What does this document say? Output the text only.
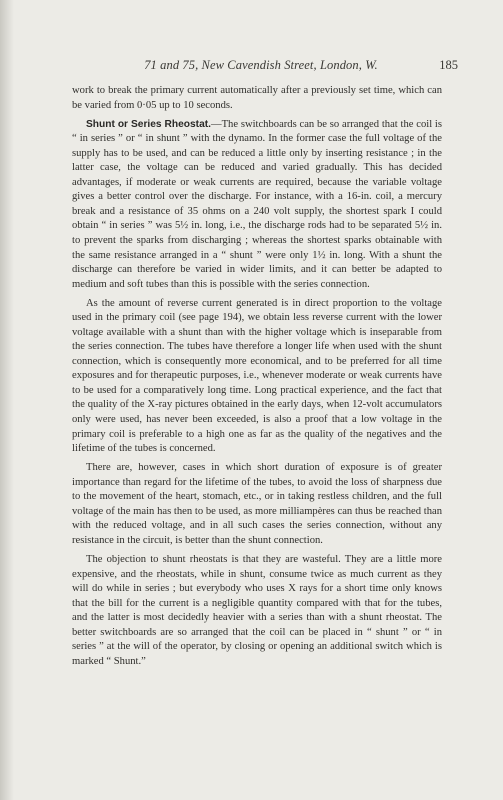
71 and 75, New Cavendish Street, London, W.	185

work to break the primary current automatically after a previously set time, which can be varied from 0·05 up to 10 seconds.

Shunt or Series Rheostat.—The switchboards can be so arranged that the coil is “ in series ” or “ in shunt ” with the dynamo. In the former case the full voltage of the supply has to be used, and can be reduced a little only by inserting resistance ; in the latter case, the voltage can be reduced and varied gradually. This has decided advantages, if moderate or weak currents are required, because the variable voltage gives a better control over the discharge. For instance, with a 16-in. coil, a mercury break and a resistance of 35 ohms on a 240 volt supply, the shortest spark I could obtain “ in series ” was 5½ in. long, i.e., the discharge rods had to be separated 5½ in. to prevent the sparks from discharging ; whereas the shortest sparks obtainable with the same resistance arranged in a “ shunt ” were only 1½ in. long. With a shunt the discharge can therefore be varied in wider limits, and it can better be adapted to medium and soft tubes than this is possible with the series connection.

As the amount of reverse current generated is in direct proportion to the voltage used in the primary coil (see page 194), we obtain less reverse current with the lower voltage available with a shunt than with the higher voltage which is inseparable from the series connection. The tubes have therefore a longer life when used with the shunt connection, which is consequently more economical, and to be preferred for all time exposures and for therapeutic purposes, i.e., whenever moderate or weak currents have to be used for a comparatively long time. Long practical experience, and the fact that the quality of the X-ray pictures obtained in the early days, when 12-volt accumulators only were used, has never been exceeded, is also a proof that a low voltage in the primary coil is preferable to a high one as far as the quality of the negatives and the lifetime of the tubes is concerned.

There are, however, cases in which short duration of exposure is of greater importance than regard for the lifetime of the tubes, to avoid the loss of sharpness due to the movement of the heart, stomach, etc., or in taking restless children, and the full voltage of the main has then to be used, as more milliampères can thus be reached than with the reduced voltage, and in all such cases the series connection, without any resistance in the circuit, is better than the shunt connection.

The objection to shunt rheostats is that they are wasteful. They are a little more expensive, and the rheostats, while in shunt, consume twice as much current as they will do while in series ; but everybody who uses X rays for a short time only knows that the bill for the current is a negligible quantity compared with that for the tubes, and the latter is most decidedly heavier with a series than with a shunt rheostat. The better switchboards are so arranged that the coil can be placed in “ shunt ” or “ in series ” at the will of the operator, by closing or opening an additional switch which is marked “ Shunt.”
